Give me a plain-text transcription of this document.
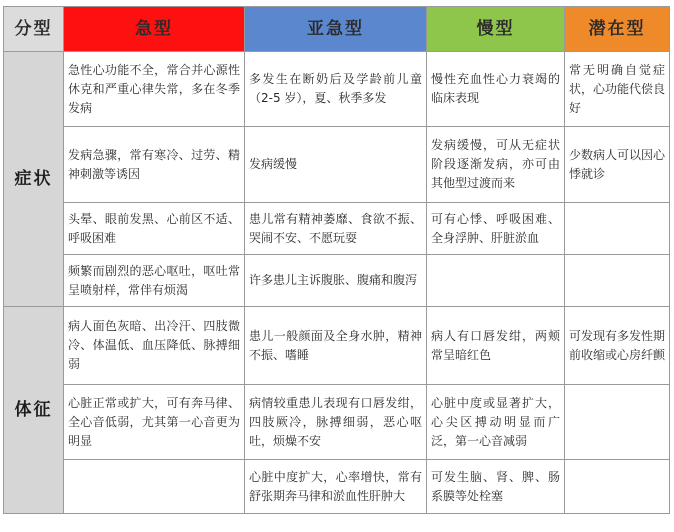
分型	急型	亚急型	慢型	潜在型
症状	急性心功能不全，常合并心源性休克和严重心律失常，多在冬季发病	多发生在断奶后及学龄前儿童（2-5 岁），夏、秋季多发	慢性充血性心力衰竭的临床表现	常无明确自觉症状，心功能代偿良好
	发病急骤，常有寒冷、过劳、精神刺激等诱因	发病缓慢	发病缓慢，可从无症状阶段逐渐发病，亦可由其他型过渡而来	少数病人可以因心悸就诊
	头晕、眼前发黑、心前区不适、呼吸困难	患儿常有精神萎靡、食欲不振、哭闹不安、不愿玩耍	可有心悸、呼吸困难、全身浮肿、肝脏淤血	
	频繁而剧烈的恶心呕吐，呕吐常呈喷射样，常伴有烦渴	许多患儿主诉腹胀、腹痛和腹泻		
体征	病人面色灰暗、出冷汗、四肢微冷、体温低、血压降低、脉搏细弱	患儿一般颜面及全身水肿，精神不振、嗜睡	病人有口唇发绀，两颊常呈暗红色	可发现有多发性期前收缩或心房纤颤
	心脏正常或扩大，可有奔马律、全心音低弱，尤其第一心音更为明显	病情较重患儿表现有口唇发绀，四肢厥冷，脉搏细弱，恶心呕吐，烦燥不安	心脏中度或显著扩大，心尖区搏动明显而广泛，第一心音减弱	
		心脏中度扩大，心率增快，常有舒张期奔马律和淤血性肝肿大	可发生脑、肾、脾、肠系膜等处栓塞	
